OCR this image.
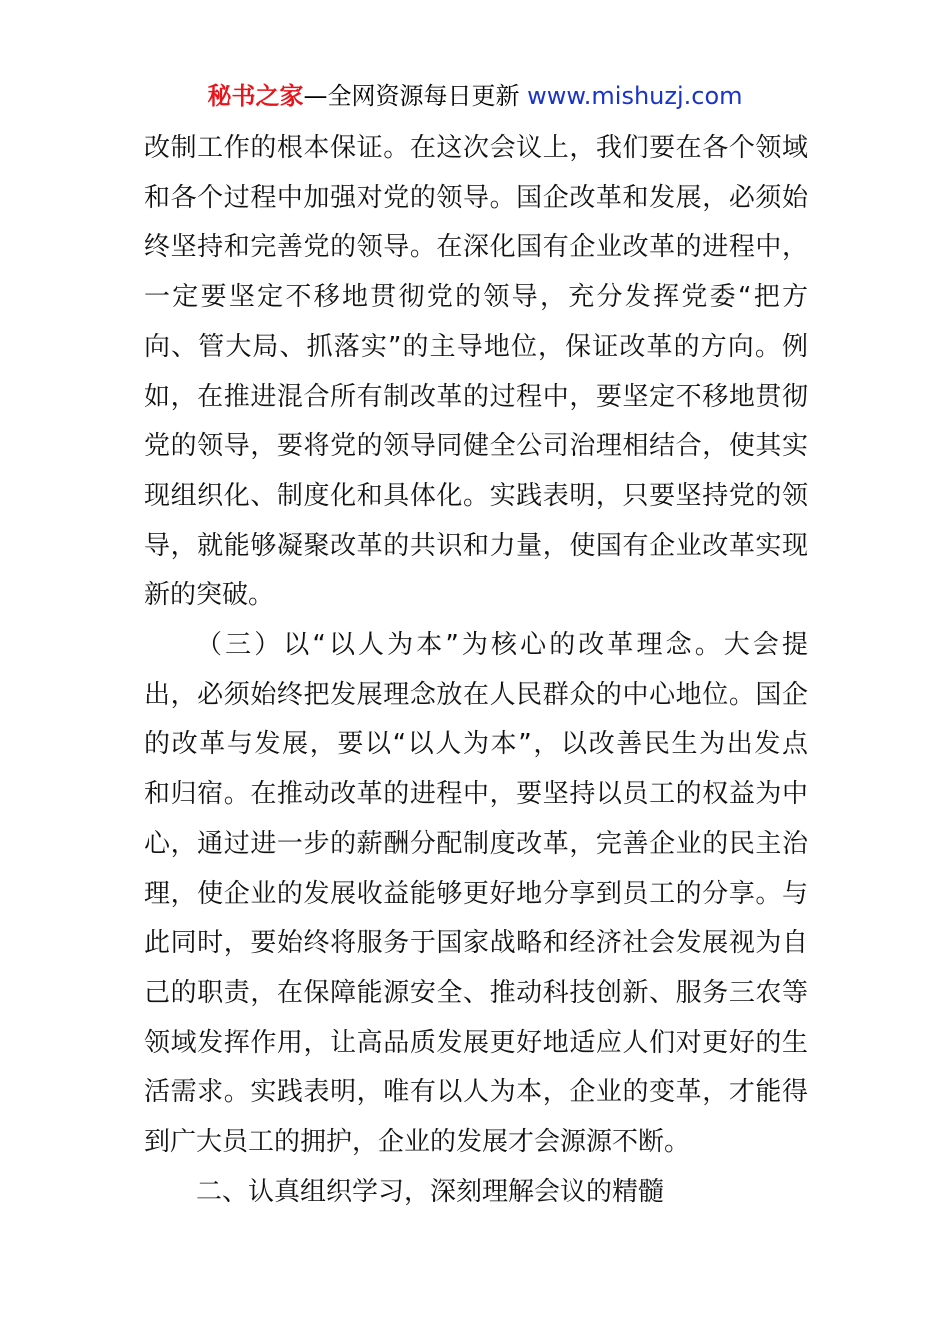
秘书之家—全网资源每日更新 www.mishuzj.com
改制工作的根本保证。在这次会议上，我们要在各个领域
和各个过程中加强对党的领导。国企改革和发展，必须始
终坚持和完善党的领导。在深化国有企业改革的进程中，
一定要坚定不移地贯彻党的领导，充分发挥党委“把方
向、管大局、抓落实”的主导地位，保证改革的方向。例
如，在推进混合所有制改革的过程中，要坚定不移地贯彻
党的领导，要将党的领导同健全公司治理相结合，使其实
现组织化、制度化和具体化。实践表明，只要坚持党的领
导，就能够凝聚改革的共识和力量，使国有企业改革实现
新的突破。
（三）以“以人为本”为核心的改革理念。大会提
出，必须始终把发展理念放在人民群众的中心地位。国企
的改革与发展，要以“以人为本”，以改善民生为出发点
和归宿。在推动改革的进程中，要坚持以员工的权益为中
心，通过进一步的薪酬分配制度改革，完善企业的民主治
理，使企业的发展收益能够更好地分享到员工的分享。与
此同时，要始终将服务于国家战略和经济社会发展视为自
己的职责，在保障能源安全、推动科技创新、服务三农等
领域发挥作用，让高品质发展更好地适应人们对更好的生
活需求。实践表明，唯有以人为本，企业的变革，才能得
到广大员工的拥护，企业的发展才会源源不断。
二、认真组织学习，深刻理解会议的精髓
